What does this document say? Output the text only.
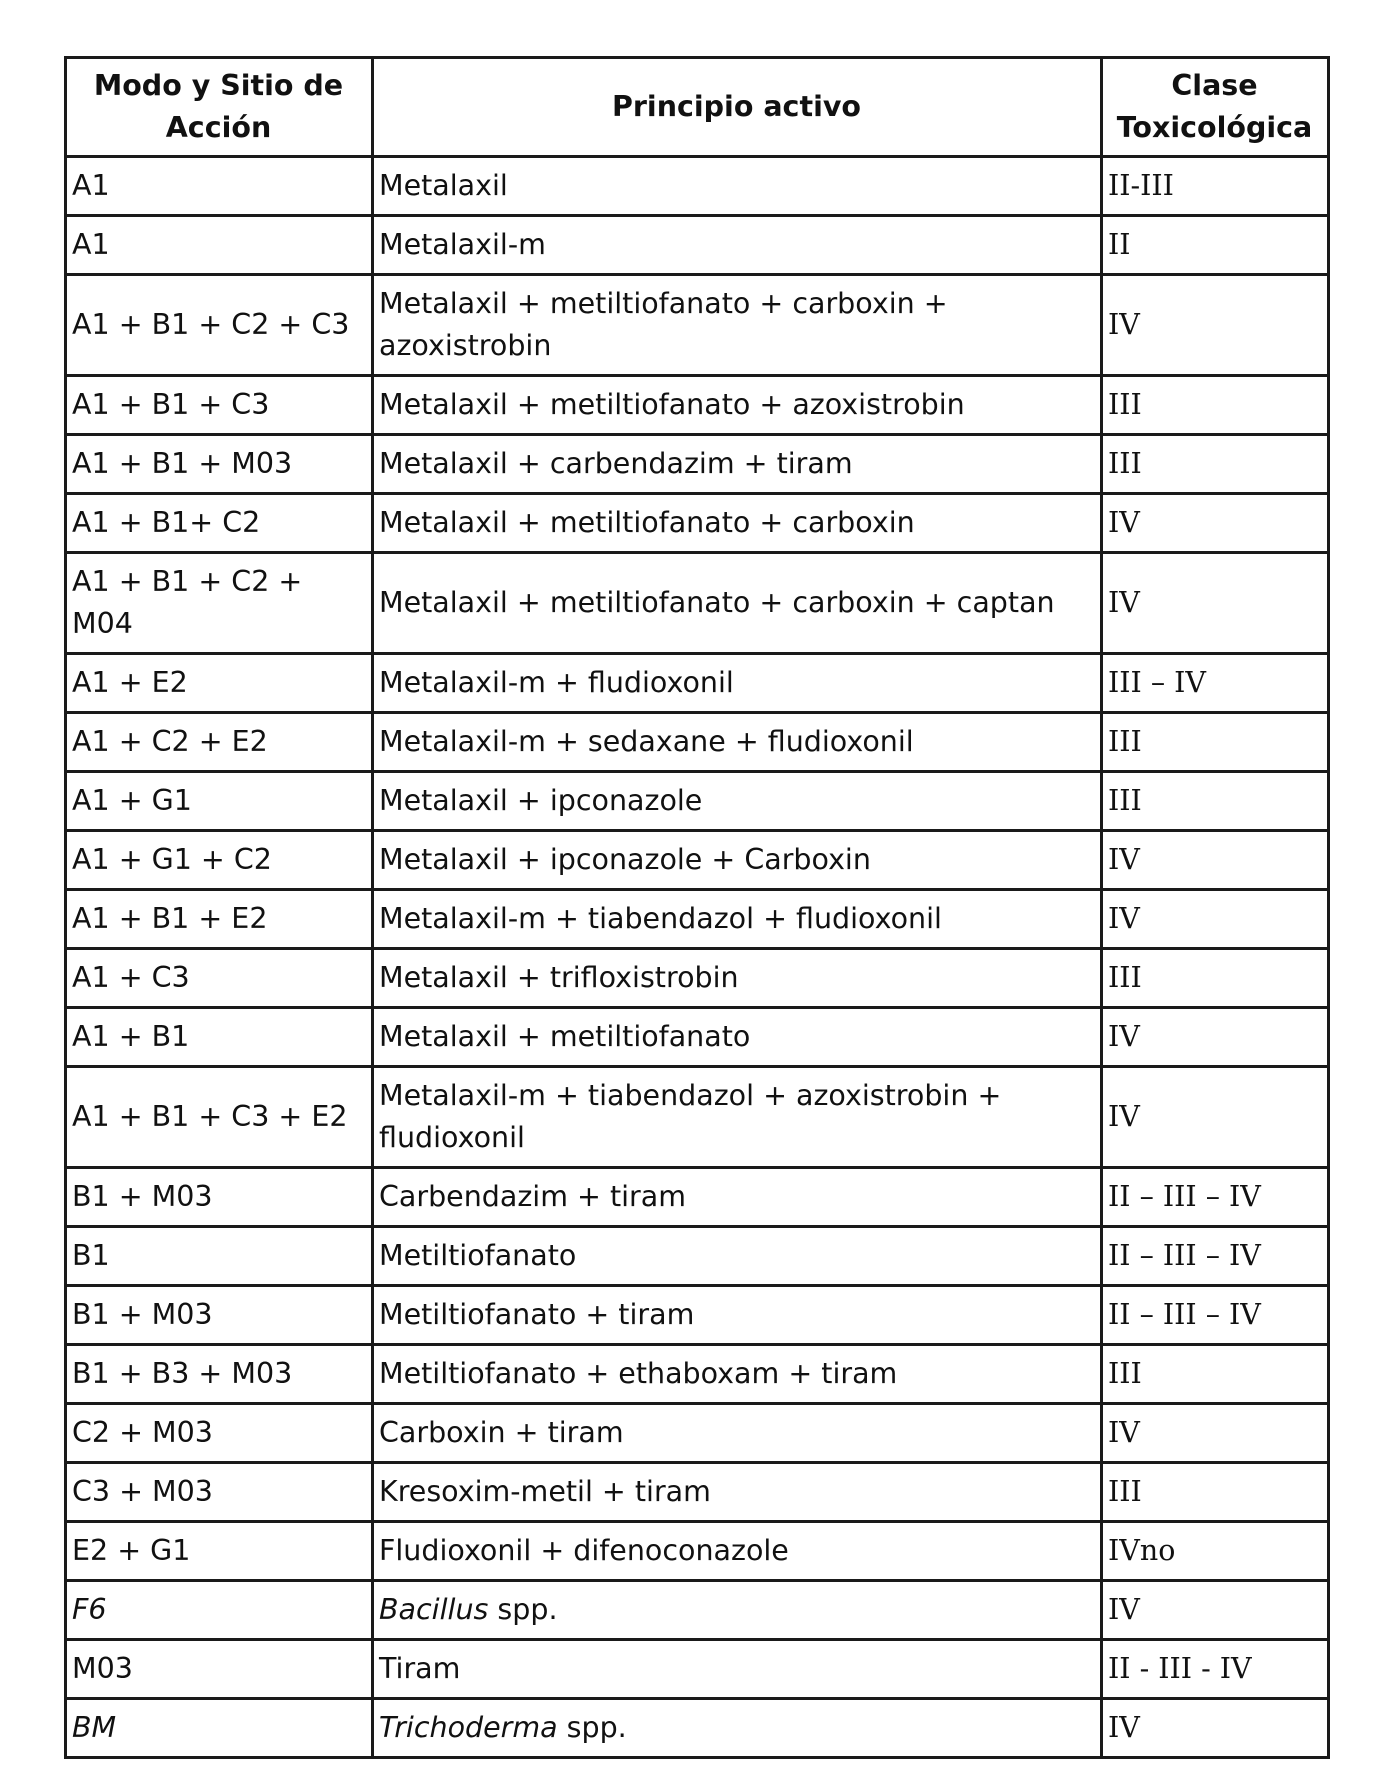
Modo y Sitio de Acción	Principio activo	Clase Toxicológica
A1	Metalaxil	II-III
A1	Metalaxil-m	II
A1 + B1 + C2 + C3	Metalaxil + metiltiofanato + carboxin + azoxistrobin	IV
A1 + B1 + C3	Metalaxil + metiltiofanato + azoxistrobin	III
A1 + B1 + M03	Metalaxil + carbendazim + tiram	III
A1 + B1+ C2	Metalaxil + metiltiofanato + carboxin	IV
A1 + B1 + C2 + M04	Metalaxil + metiltiofanato + carboxin + captan	IV
A1 + E2	Metalaxil-m + fludioxonil	III – IV
A1 + C2 + E2	Metalaxil-m + sedaxane + fludioxonil	III
A1 + G1	Metalaxil + ipconazole	III
A1 + G1 + C2	Metalaxil + ipconazole + Carboxin	IV
A1 + B1 + E2	Metalaxil-m + tiabendazol + fludioxonil	IV
A1 + C3	Metalaxil + trifloxistrobin	III
A1 + B1	Metalaxil + metiltiofanato	IV
A1 + B1 + C3 + E2	Metalaxil-m + tiabendazol + azoxistrobin + fludioxonil	IV
B1 + M03	Carbendazim + tiram	II – III – IV
B1	Metiltiofanato	II – III – IV
B1 + M03	Metiltiofanato + tiram	II – III – IV
B1 + B3 + M03	Metiltiofanato + ethaboxam + tiram	III
C2 + M03	Carboxin + tiram	IV
C3 + M03	Kresoxim-metil + tiram	III
E2 + G1	Fludioxonil + difenoconazole	IVno
F6	Bacillus spp.	IV
M03	Tiram	II - III - IV
BM	Trichoderma spp.	IV
